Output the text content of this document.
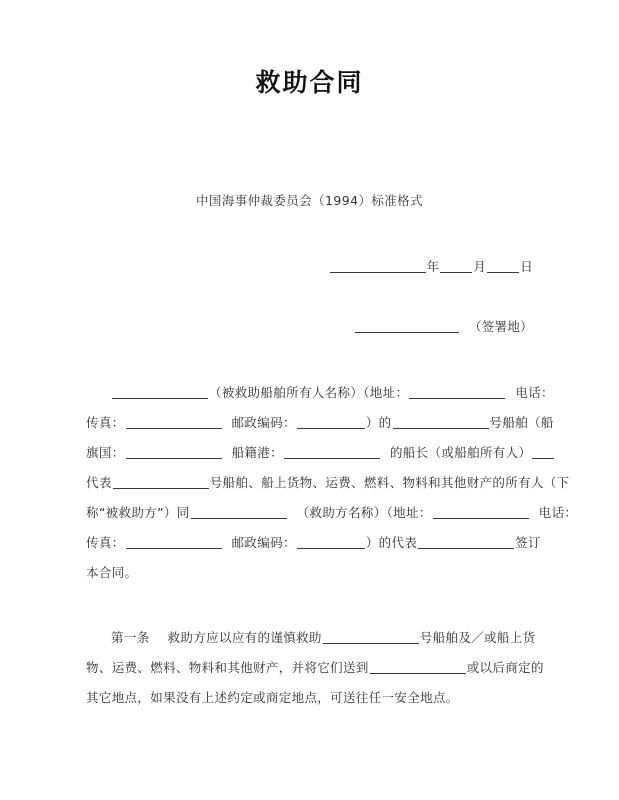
救助合同
中国海事仲裁委员会（1994）标准格式
年	月	日
（签署地）
（被救助船舶所有人名称）（地址：	电话：
传真：	邮政编码：	）的	号船舶（船
旗国：	船籍港：	的船长（或船舶所有人）
代表	号船舶、船上货物、运费、燃料、物料和其他财产的所有人（下
称“被救助方”）同	（救助方名称）（地址：	电话：
传真：	邮政编码：	）的代表	签订
本合同。
第一条 救助方应以应有的谨慎救助	号船舶及／或船上货
物、运费、燃料、物料和其他财产，并将它们送到	或以后商定的
其它地点，如果没有上述约定或商定地点，可送往任一安全地点。
